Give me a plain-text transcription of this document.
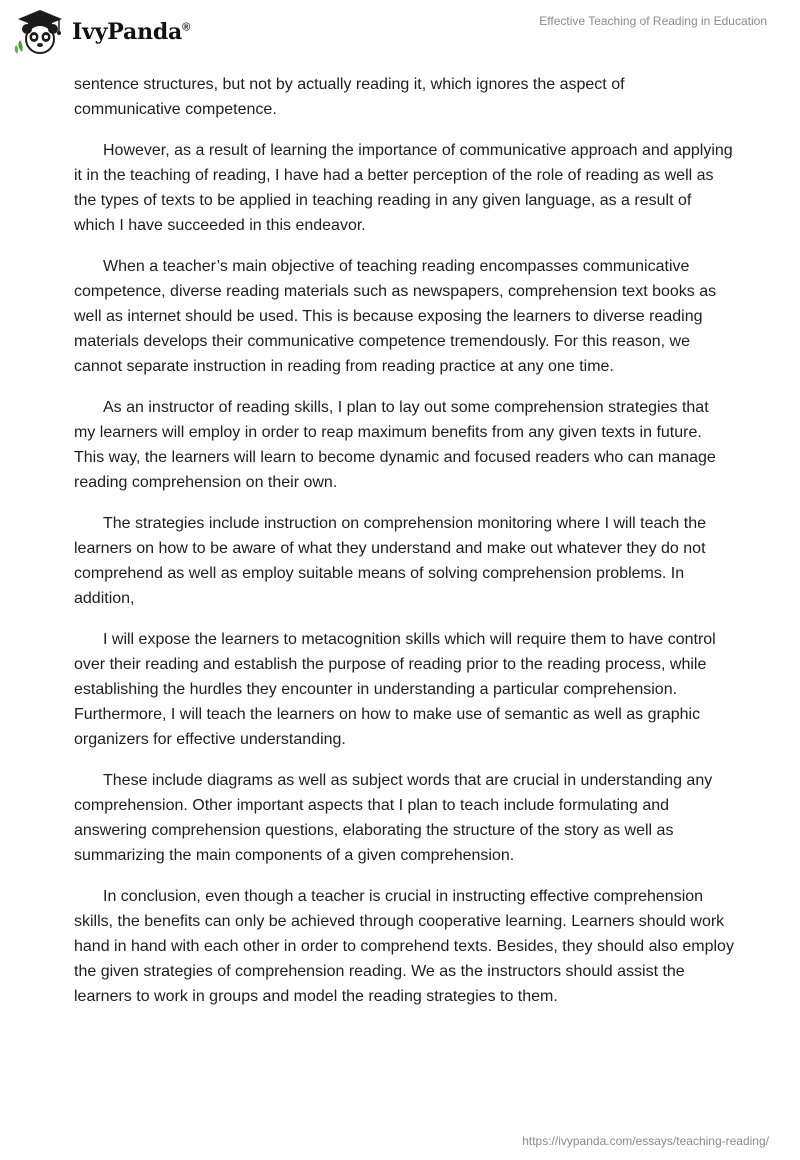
IvyPanda®	Effective Teaching of Reading in Education

sentence structures, but not by actually reading it, which ignores the aspect of communicative competence.

However, as a result of learning the importance of communicative approach and applying it in the teaching of reading, I have had a better perception of the role of reading as well as the types of texts to be applied in teaching reading in any given language, as a result of which I have succeeded in this endeavor.

When a teacher’s main objective of teaching reading encompasses communicative competence, diverse reading materials such as newspapers, comprehension text books as well as internet should be used. This is because exposing the learners to diverse reading materials develops their communicative competence tremendously. For this reason, we cannot separate instruction in reading from reading practice at any one time.

As an instructor of reading skills, I plan to lay out some comprehension strategies that my learners will employ in order to reap maximum benefits from any given texts in future. This way, the learners will learn to become dynamic and focused readers who can manage reading comprehension on their own.

The strategies include instruction on comprehension monitoring where I will teach the learners on how to be aware of what they understand and make out whatever they do not comprehend as well as employ suitable means of solving comprehension problems. In addition,

I will expose the learners to metacognition skills which will require them to have control over their reading and establish the purpose of reading prior to the reading process, while establishing the hurdles they encounter in understanding a particular comprehension. Furthermore, I will teach the learners on how to make use of semantic as well as graphic organizers for effective understanding.

These include diagrams as well as subject words that are crucial in understanding any comprehension. Other important aspects that I plan to teach include formulating and answering comprehension questions, elaborating the structure of the story as well as summarizing the main components of a given comprehension.

In conclusion, even though a teacher is crucial in instructing effective comprehension skills, the benefits can only be achieved through cooperative learning. Learners should work hand in hand with each other in order to comprehend texts. Besides, they should also employ the given strategies of comprehension reading. We as the instructors should assist the learners to work in groups and model the reading strategies to them.

https://ivypanda.com/essays/teaching-reading/
